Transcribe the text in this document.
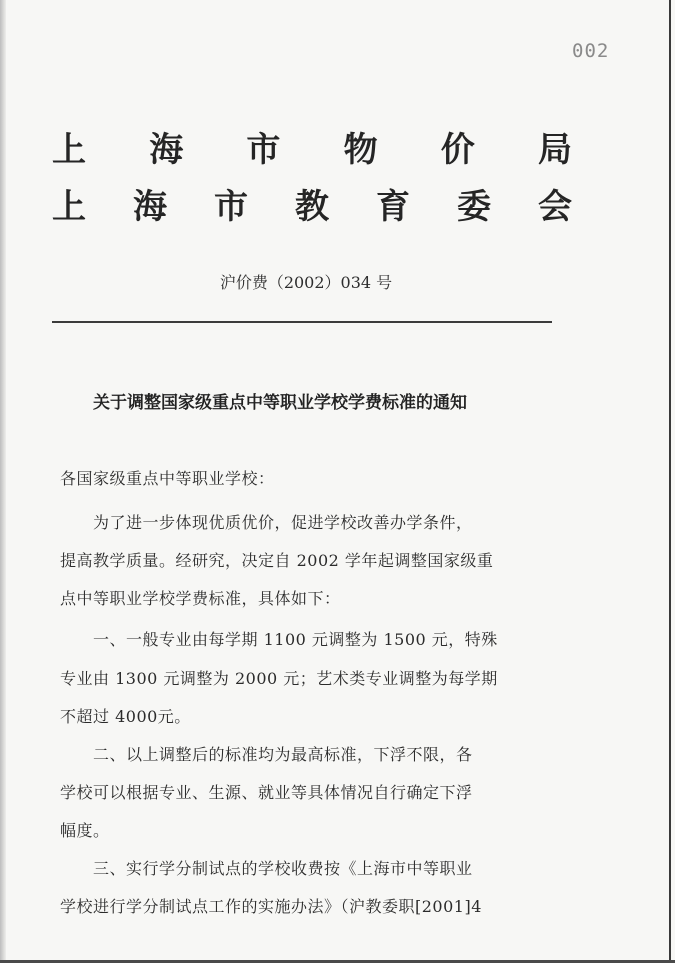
002
上 海 市 物 价 局
上 海 市 教 育 委 会
沪价费（2002）034 号
关于调整国家级重点中等职业学校学费标准的通知
各国家级重点中等职业学校：
　　为了进一步体现优质优价，促进学校改善办学条件，
提高教学质量。经研究，决定自 2002 学年起调整国家级重
点中等职业学校学费标准，具体如下：
　　一、一般专业由每学期 1100 元调整为 1500 元，特殊
专业由 1300 元调整为 2000 元；艺术类专业调整为每学期
不超过 4000元。
　　二、以上调整后的标准均为最高标准，下浮不限，各
学校可以根据专业、生源、就业等具体情况自行确定下浮
幅度。
　　三、实行学分制试点的学校收费按《上海市中等职业
学校进行学分制试点工作的实施办法》（沪教委职[2001]4
